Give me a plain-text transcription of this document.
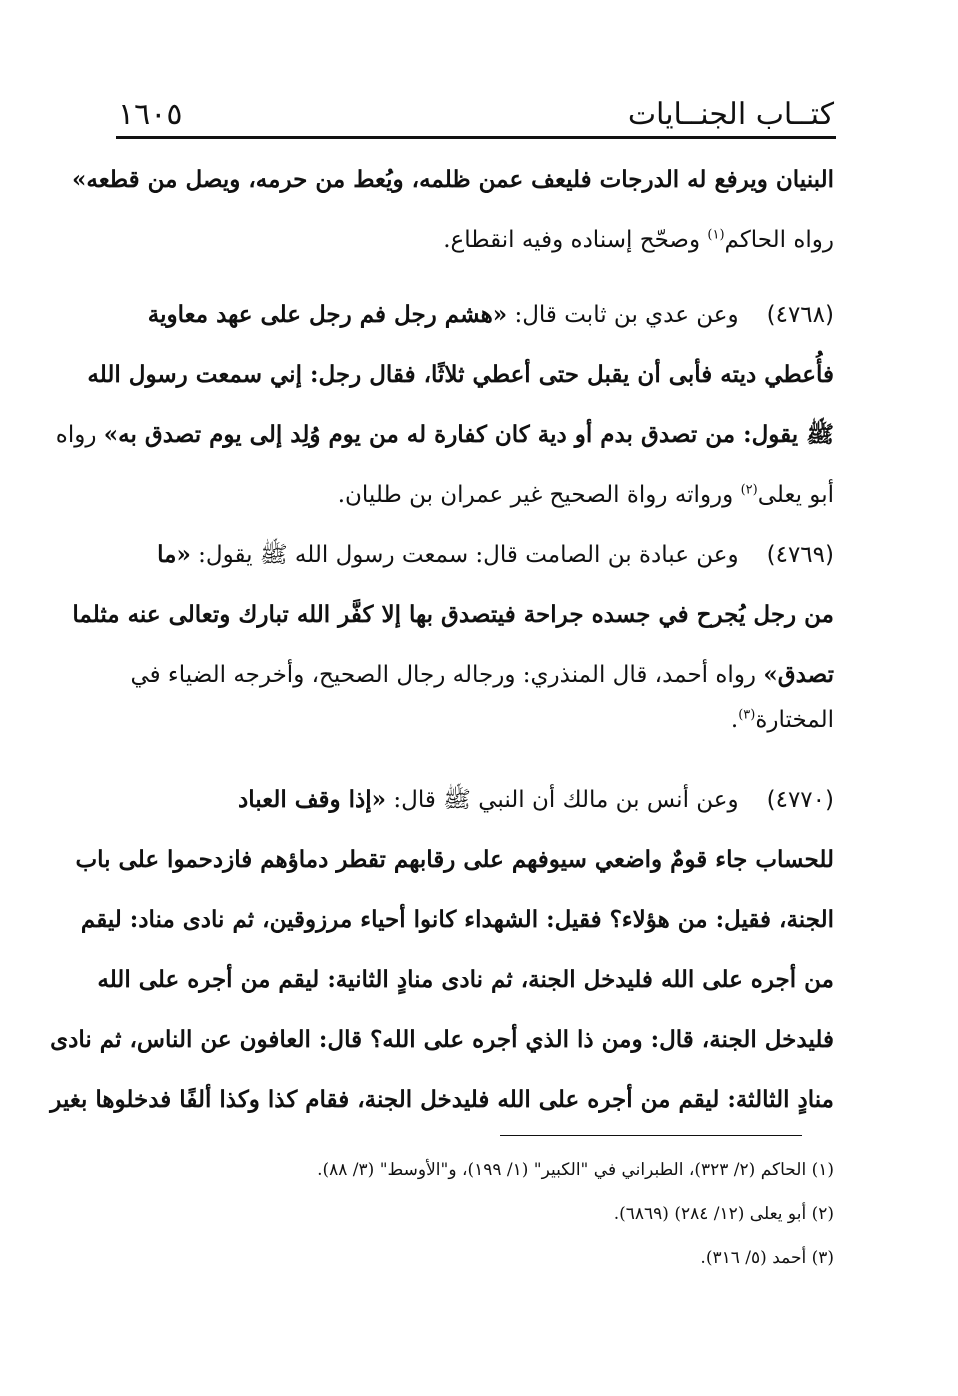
١٦٠٥	كتــاب الجنــايات
البنيان ويرفع له الدرجات فليعف عمن ظلمه، ويُعط من حرمه، ويصل من قطعه»
رواه الحاكم$^{(١)}$ وصحّح إسناده وفيه انقطاع.
(٤٧٦٨)وعن عدي بن ثابت قال: «هشم رجل فم رجل على عهد معاوية
فأُعطي ديته فأبى أن يقبل حتى أعطي ثلاثًا، فقال رجل: إني سمعت رسول الله
ﷺ يقول: من تصدق بدم أو دية كان كفارة له من يوم وُلِد إلى يوم تصدق به» رواه
أبو يعلى$^{(٢)}$ ورواته رواة الصحيح غير عمران بن طليان.
(٤٧٦٩)وعن عبادة بن الصامت قال: سمعت رسول الله ﷺ يقول: «ما
من رجل يُجرح في جسده جراحة فيتصدق بها إلا كفَّر الله تبارك وتعالى عنه مثلما
تصدق» رواه أحمد، قال المنذري: ورجاله رجال الصحيح، وأخرجه الضياء في
المختارة$^{(٣)}$.
(٤٧٧٠)وعن أنس بن مالك أن النبي ﷺ قال: «إذا وقف العباد
للحساب جاء قومٌ واضعي سيوفهم على رقابهم تقطر دماؤهم فازدحموا على باب
الجنة، فقيل: من هؤلاء؟ فقيل: الشهداء كانوا أحياء مرزوقين، ثم نادى مناد: ليقم
من أجره على الله فليدخل الجنة، ثم نادى منادٍ الثانية: ليقم من أجره على الله
فليدخل الجنة، قال: ومن ذا الذي أجره على الله؟ قال: العافون عن الناس، ثم نادى
منادٍ الثالثة: ليقم من أجره على الله فليدخل الجنة، فقام كذا وكذا ألفًا فدخلوها بغير
(١) الحاكم (٢/ ٣٢٣)، الطبراني في "الكبير" (١/ ١٩٩)، و"الأوسط" (٣/ ٨٨).
(٢) أبو يعلى (١٢/ ٢٨٤) (٦٨٦٩).
(٣) أحمد (٥/ ٣١٦).
